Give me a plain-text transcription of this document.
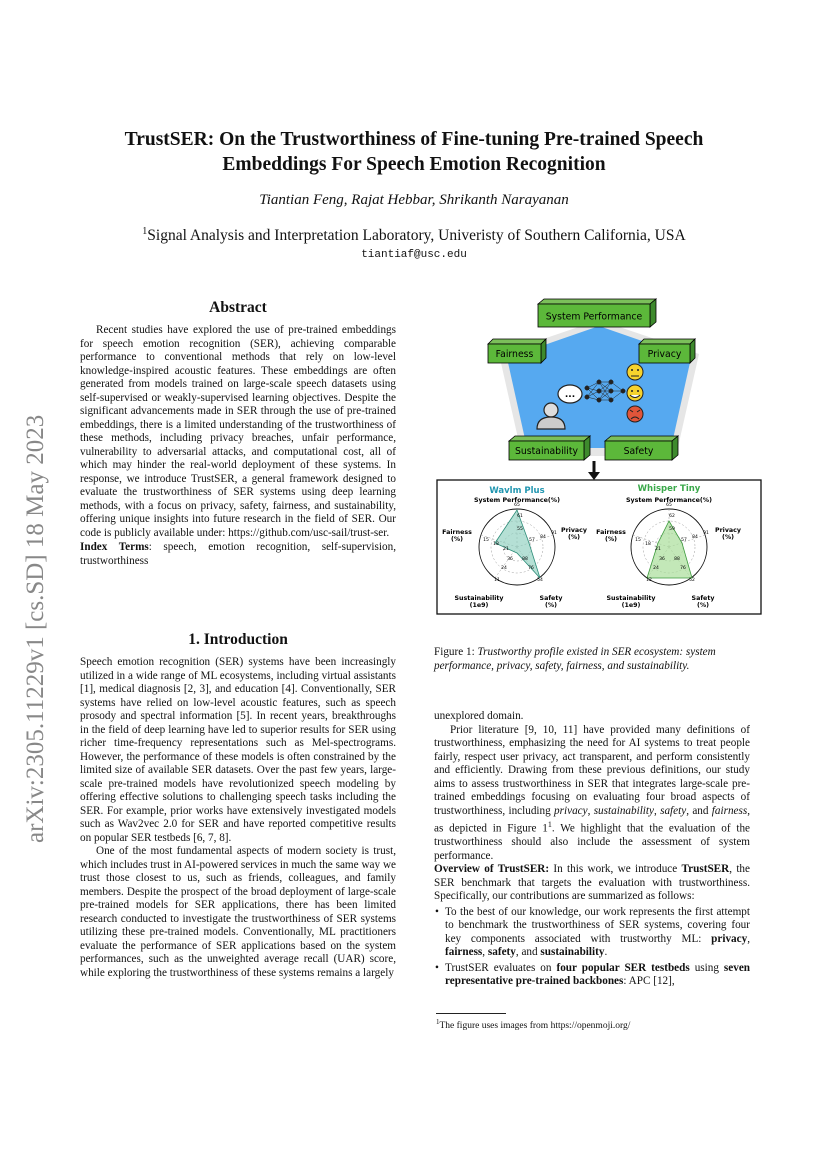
TrustSER: On the Trustworthiness of Fine-tuning Pre-trained Speech
Embeddings For Speech Emotion Recognition
Tiantian Feng, Rajat Hebbar, Shrikanth Narayanan
$^1$Signal Analysis and Interpretation Laboratory, Univeristy of Southern California, USA
tiantiaf@usc.edu
arXiv:2305.11229v1 [cs.SD] 18 May 2023
Abstract

Recent studies have explored the use of pre-trained embeddings for speech emotion recognition (SER), achieving comparable performance to conventional methods that rely on low-level knowledge-inspired acoustic features. These embeddings are often generated from models trained on large-scale speech datasets using self-supervised or weakly-supervised learning objectives. Despite the significant advancements made in SER through the use of pre-trained embeddings, there is a limited understanding of the trustworthiness of these methods, including privacy breaches, unfair performance, vulnerability to adversarial attacks, and computational cost, all of which may hinder the real-world deployment of these systems. In response, we introduce TrustSER, a general framework designed to evaluate the trustworthiness of SER systems using deep learning methods, with a focus on privacy, safety, fairness, and sustainability, offering unique insights into future research in the field of SER. Our code is publicly available under: https://github.com/usc-sail/trust-ser.

Index Terms: speech, emotion recognition, self-supervision, trustworthiness

1. Introduction

Speech emotion recognition (SER) systems have been increasingly utilized in a wide range of ML ecosystems, including virtual assistants [1], medical diagnosis [2, 3], and education [4]. Conventionally, SER systems have relied on low-level acoustic features, such as speech prosody and spectral information [5]. In recent years, breakthroughs in the field of deep learning have led to superior results for SER using richer time-frequency representations such as Mel-spectrograms. However, the performance of these models is often constrained by the limited size of available SER datasets. Over the past few years, large-scale pre-trained models have revolutionized speech modeling by offering effective solutions to challenging speech tasks including the SER. For example, prior works have extensively investigated models such as Wav2vec 2.0 for SER and have reported competitive results on popular SER testbeds [6, 7, 8].

One of the most fundamental aspects of modern society is trust, which includes trust in AI-powered services in much the same way we trust those closest to us, such as friends, colleagues, and family members. Despite the prospect of the broad deployment of large-scale pre-trained models for SER applications, there has been limited research conducted to investigate the trustworthiness of SER systems utilizing these pre-trained models. Conventionally, ML practitioners evaluate the performance of SER applications based on the system performances, such as the unweighted average recall (UAR) score, while exploring the trustworthiness of these systems remains a largely

System Performance
Fairness	Privacy
Sustainability	Safety
...
Wavlm Plus
System Performance(%)
65
61
55
57
84
91
88
76
54
36
24
11
21
18
15
Fairness
(%)
Privacy
(%)
Sustainability
(1e9)
Safety
(%)
Whisper Tiny
System Performance(%)
65
62
59
57
84
91
88
76
52
36
24
12
21
18
15
Fairness
(%)
Privacy
(%)
Sustainability
(1e9)
Safety
(%)
Figure 1: Trustworthy profile existed in SER ecosystem: system performance, privacy, safety, fairness, and sustainability.

unexplored domain.

Prior literature [9, 10, 11] have provided many definitions of trustworthiness, emphasizing the need for AI systems to treat people fairly, respect user privacy, act transparent, and perform consistently and efficiently. Drawing from these previous definitions, our study aims to assess trustworthiness in SER that integrates large-scale pre-trained embeddings focusing on evaluating four broad aspects of trustworthiness, including privacy, sustainability, safety, and fairness, as depicted in Figure $1^1$. We highlight that the evaluation of the trustworthiness should also include the assessment of system performance.

Overview of TrustSER: In this work, we introduce TrustSER, the SER benchmark that targets the evaluation with trustworthiness. Specifically, our contributions are summarized as follows:

• To the best of our knowledge, our work represents the first attempt to benchmark the trustworthiness of SER systems, covering four key components associated with trustworthy ML: privacy, fairness, safety, and sustainability.
• TrustSER evaluates on four popular SER testbeds using seven representative pre-trained backbones: APC [12],
$^1$The figure uses images from https://openmoji.org/
